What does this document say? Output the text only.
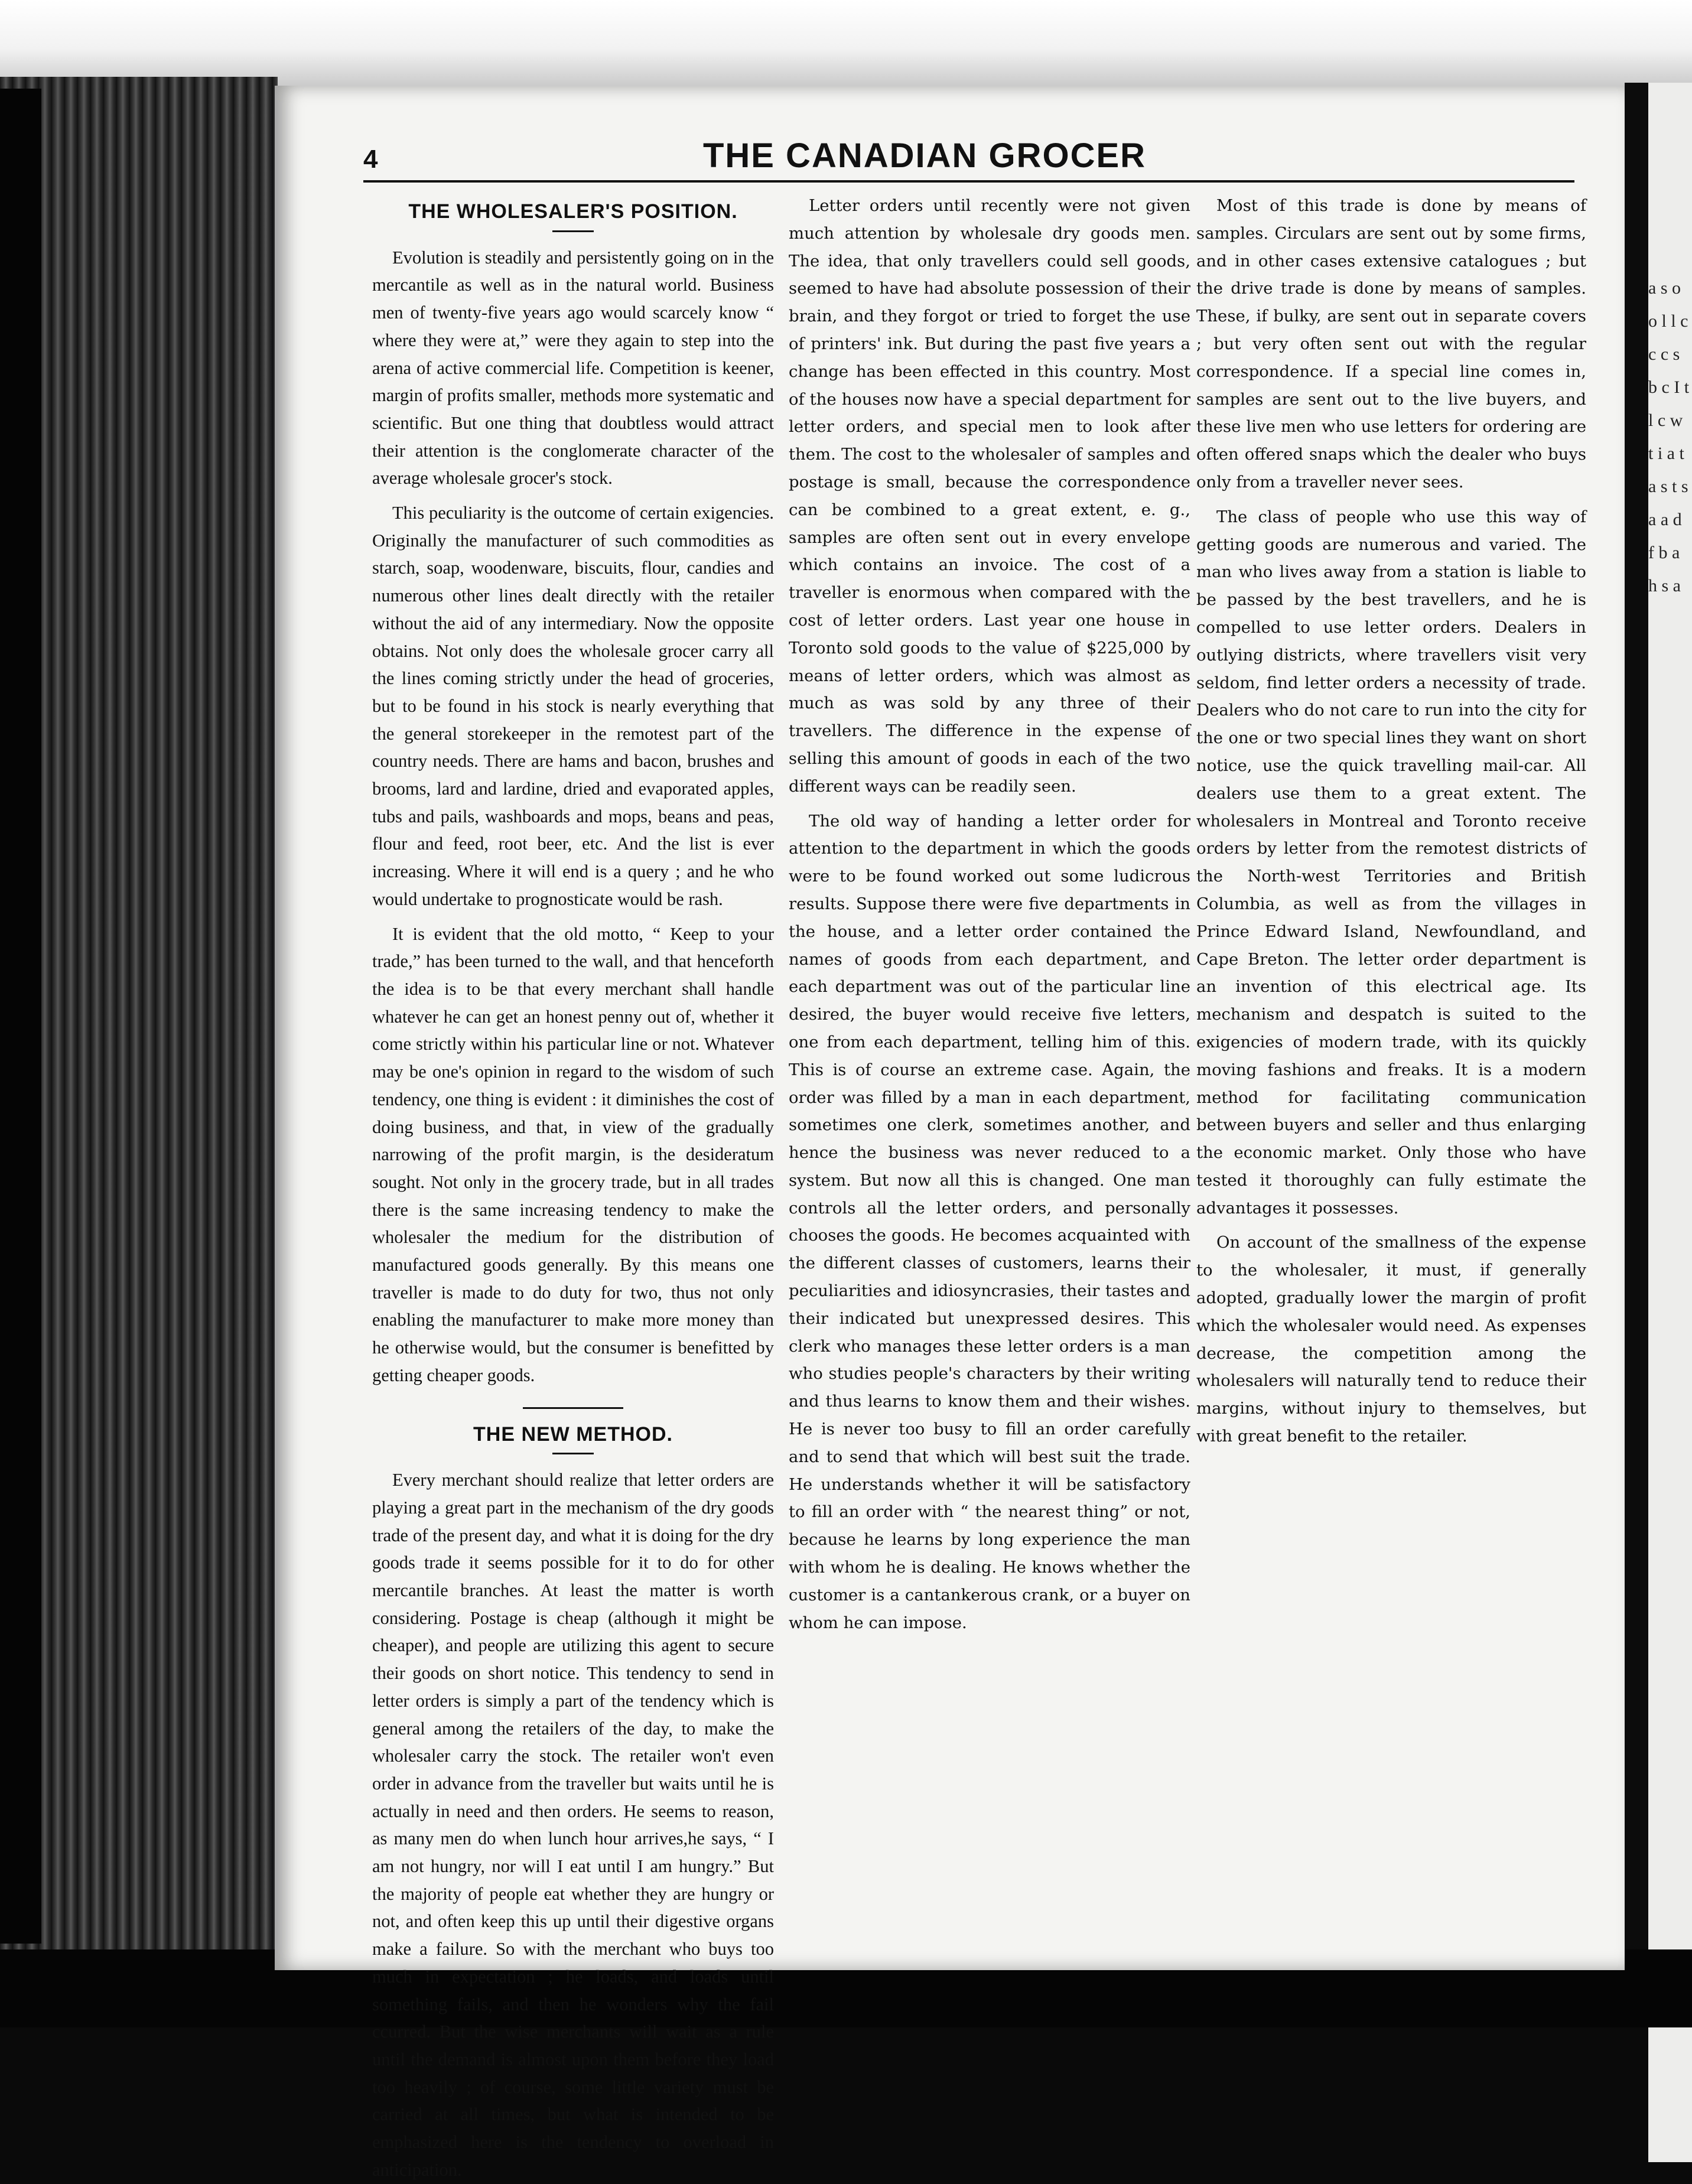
a s o o l l c c c s b c I t l c w t i a t a s t s a a d f b a h s a
4	THE CANADIAN GROCER
THE WHOLESALER'S POSITION.

Evolution is steadily and persistently going on in the mercantile as well as in the natural world. Business men of twenty-five years ago would scarcely know “ where they were at,” were they again to step into the arena of active commercial life. Competition is keener, margin of profits smaller, methods more systematic and scientific. But one thing that doubtless would attract their attention is the conglomerate character of the average wholesale grocer's stock.

This peculiarity is the outcome of certain exigencies. Originally the manufacturer of such commodities as starch, soap, woodenware, biscuits, flour, candies and numerous other lines dealt directly with the retailer without the aid of any intermediary. Now the opposite obtains. Not only does the wholesale grocer carry all the lines coming strictly under the head of groceries, but to be found in his stock is nearly everything that the general storekeeper in the remotest part of the country needs. There are hams and bacon, brushes and brooms, lard and lardine, dried and evaporated apples, tubs and pails, washboards and mops, beans and peas, flour and feed, root beer, etc. And the list is ever increasing. Where it will end is a query ; and he who would undertake to prognosticate would be rash.

It is evident that the old motto, “ Keep to your trade,” has been turned to the wall, and that henceforth the idea is to be that every merchant shall handle whatever he can get an honest penny out of, whether it come strictly within his particular line or not. Whatever may be one's opinion in regard to the wisdom of such tendency, one thing is evident : it diminishes the cost of doing business, and that, in view of the gradually narrowing of the profit margin, is the desideratum sought. Not only in the grocery trade, but in all trades there is the same increasing tendency to make the wholesaler the medium for the distribution of manufactured goods generally. By this means one traveller is made to do duty for two, thus not only enabling the manufacturer to make more money than he otherwise would, but the consumer is benefitted by getting cheaper goods.

THE NEW METHOD.

Every merchant should realize that letter orders are playing a great part in the mechanism of the dry goods trade of the present day, and what it is doing for the dry goods trade it seems possible for it to do for other mercantile branches. At least the matter is worth considering. Postage is cheap (although it might be cheaper), and people are utilizing this agent to secure their goods on short notice. This tendency to send in letter orders is simply a part of the tendency which is general among the retailers of the day, to make the wholesaler carry the stock. The retailer won't even order in advance from the traveller but waits until he is actually in need and then orders. He seems to reason, as many men do when lunch hour arrives,he says, “ I am not hungry, nor will I eat until I am hungry.” But the majority of people eat whether they are hungry or not, and often keep this up until their digestive organs make a failure. So with the merchant who buys too much in expectation ; he loads, and loads until something fails, and then he wonders why the fail ccurred. But the wise merchants will wait as a rule until the demand is almost upon them before they load too heavily ; of course, some little variety must be carried at all times, but what is intended to be emphasized here is the tendency to overload in anticipation.

Letter orders until recently were not given much attention by wholesale dry goods men. The idea, that only travellers could sell goods, seemed to have had absolute possession of their brain, and they forgot or tried to forget the use of printers' ink. But during the past five years a change has been effected in this country. Most of the houses now have a special department for letter orders, and special men to look after them. The cost to the wholesaler of samples and postage is small, because the correspondence can be combined to a great extent, e. g., samples are often sent out in every envelope which contains an invoice. The cost of a traveller is enormous when compared with the cost of letter orders. Last year one house in Toronto sold goods to the value of $225,000 by means of letter orders, which was almost as much as was sold by any three of their travellers. The difference in the expense of selling this amount of goods in each of the two different ways can be readily seen.

The old way of handing a letter order for attention to the department in which the goods were to be found worked out some ludicrous results. Suppose there were five departments in the house, and a letter order contained the names of goods from each department, and each department was out of the particular line desired, the buyer would receive five letters, one from each department, telling him of this. This is of course an extreme case. Again, the order was filled by a man in each department, sometimes one clerk, sometimes another, and hence the business was never reduced to a system. But now all this is changed. One man controls all the letter orders, and personally chooses the goods. He becomes acquainted with the different classes of customers, learns their peculiarities and idiosyncrasies, their tastes and their indicated but unexpressed desires. This clerk who manages these letter orders is a man who studies people's characters by their writing and thus learns to know them and their wishes. He is never too busy to fill an order carefully and to send that which will best suit the trade. He understands whether it will be satisfactory to fill an order with “ the nearest thing” or not, because he learns by long experience the man with whom he is dealing. He knows whether the customer is a cantankerous crank, or a buyer on whom he can impose.

Most of this trade is done by means of samples. Circulars are sent out by some firms, and in other cases extensive catalogues ; but the drive trade is done by means of samples. These, if bulky, are sent out in separate covers ; but very often sent out with the regular correspondence. If a special line comes in, samples are sent out to the live buyers, and these live men who use letters for ordering are often offered snaps which the dealer who buys only from a traveller never sees.

The class of people who use this way of getting goods are numerous and varied. The man who lives away from a station is liable to be passed by the best travellers, and he is compelled to use letter orders. Dealers in outlying districts, where travellers visit very seldom, find letter orders a necessity of trade. Dealers who do not care to run into the city for the one or two special lines they want on short notice, use the quick travelling mail-car. All dealers use them to a great extent. The wholesalers in Montreal and Toronto receive orders by letter from the remotest districts of the North-west Territories and British Columbia, as well as from the villages in Prince Edward Island, Newfoundland, and Cape Breton. The letter order department is an invention of this electrical age. Its mechanism and despatch is suited to the exigencies of modern trade, with its quickly moving fashions and freaks. It is a modern method for facilitating communication between buyers and seller and thus enlarging the economic market. Only those who have tested it thoroughly can fully estimate the advantages it possesses.

On account of the smallness of the expense to the wholesaler, it must, if generally adopted, gradually lower the margin of profit which the wholesaler would need. As expenses decrease, the competition among the wholesalers will naturally tend to reduce their margins, without injury to themselves, but with great benefit to the retailer.
